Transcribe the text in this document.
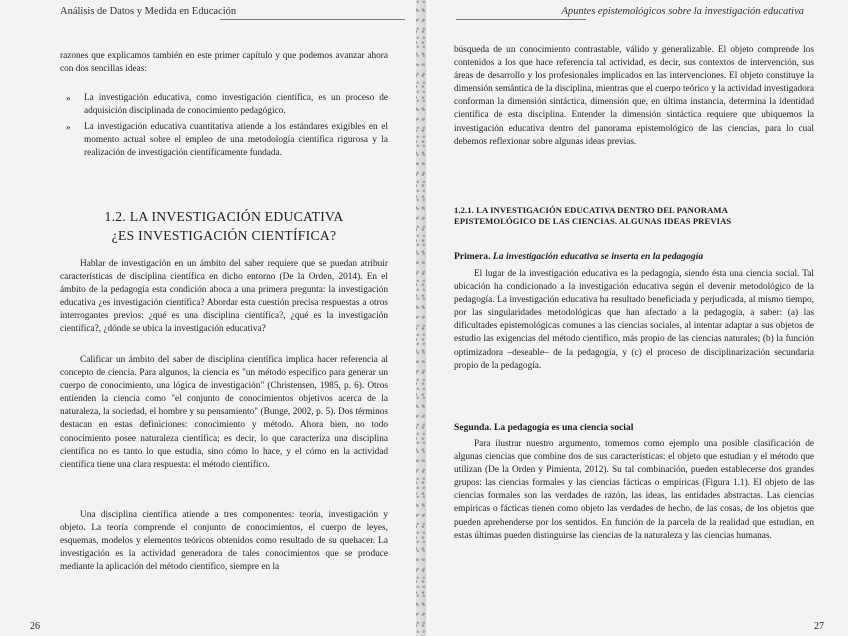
Análisis de Datos y Medida en Educación

razones que explicamos también en este primer capítulo y que podemos avanzar ahora con dos sencillas ideas:

» La investigación educativa, como investigación científica, es un proceso de adquisición disciplinada de conocimiento pedagógico.
» La investigación educativa cuantitativa atiende a los estándares exigibles en el momento actual sobre el empleo de una metodología científica rigurosa y la realización de investigación científicamente fundada.
1.2. LA INVESTIGACIÓN EDUCATIVA
¿ES INVESTIGACIÓN CIENTÍFICA?

Hablar de investigación en un ámbito del saber requiere que se puedan atribuir características de disciplina científica en dicho entorno (De la Orden, 2014). En el ámbito de la pedagogía esta condición aboca a una primera pregunta: la investigación educativa ¿es investigación científica? Abordar esta cuestión precisa respuestas a otros interrogantes previos: ¿qué es una disciplina científica?, ¿qué es la investigación científica?, ¿dónde se ubica la investigación educativa?

Calificar un ámbito del saber de disciplina científica implica hacer referencia al concepto de ciencia. Para algunos, la ciencia es "un método específico para generar un cuerpo de conocimiento, una lógica de investigación" (Christensen, 1985, p. 6). Otros entienden la ciencia como "el conjunto de conocimientos objetivos acerca de la naturaleza, la sociedad, el hombre y su pensamiento" (Bunge, 2002, p. 5). Dos términos destacan en estas definiciones: conocimiento y método. Ahora bien, no todo conocimiento posee naturaleza científica; es decir, lo que caracteriza una disciplina científica no es tanto lo que estudia, sino cómo lo hace, y el cómo en la actividad científica tiene una clara respuesta: el método científico.

Una disciplina científica atiende a tres componentes: teoría, investigación y objeto. La teoría comprende el conjunto de conocimientos, el cuerpo de leyes, esquemas, modelos y elementos teóricos obtenidos como resultado de su quehacer. La investigación es la actividad generadora de tales conocimientos que se produce mediante la aplicación del método científico, siempre en la

26
Apuntes epistemológicos sobre la investigación educativa

búsqueda de un conocimiento contrastable, válido y generalizable. El objeto comprende los contenidos a los que hace referencia tal actividad, es decir, sus contextos de intervención, sus áreas de desarrollo y los profesionales implicados en las intervenciones. El objeto constituye la dimensión semántica de la disciplina, mientras que el cuerpo teórico y la actividad investigadora conforman la dimensión sintáctica, dimensión que, en última instancia, determina la identidad científica de esta disciplina. Entender la dimensión sintáctica requiere que ubiquemos la investigación educativa dentro del panorama epistemológico de las ciencias, para lo cual debemos reflexionar sobre algunas ideas previas.

1.2.1. LA INVESTIGACIÓN EDUCATIVA DENTRO DEL PANORAMA
EPISTEMOLÓGICO DE LAS CIENCIAS. ALGUNAS IDEAS PREVIAS
Primera. La investigación educativa se inserta en la pedagogía

El lugar de la investigación educativa es la pedagogía, siendo ésta una ciencia social. Tal ubicación ha condicionado a la investigación educativa según el devenir metodológico de la pedagogía. La investigación educativa ha resultado beneficiada y perjudicada, al mismo tiempo, por las singularidades metodológicas que han afectado a la pedagogía, a saber: (a) las dificultades epistemológicas comunes a las ciencias sociales, al intentar adaptar a sus objetos de estudio las exigencias del método científico, más propio de las ciencias naturales; (b) la función optimizadora –deseable– de la pedagogía, y (c) el proceso de disciplinarización secundaria propio de la pedagogía.

Segunda. La pedagogía es una ciencia social

Para ilustrar nuestro argumento, tomemos como ejemplo una posible clasificación de algunas ciencias que combine dos de sus características: el objeto que estudian y el método que utilizan (De la Orden y Pimienta, 2012). Su tal combinación, pueden establecerse dos grandes grupos: las ciencias formales y las ciencias fácticas o empíricas (Figura 1.1). El objeto de las ciencias formales son las verdades de razón, las ideas, las entidades abstractas. Las ciencias empíricas o fácticas tienen como objeto las verdades de hecho, de las cosas, de los objetos que pueden aprehenderse por los sentidos. En función de la parcela de la realidad que estudian, en estas últimas pueden distinguirse las ciencias de la naturaleza y las ciencias humanas.

27
